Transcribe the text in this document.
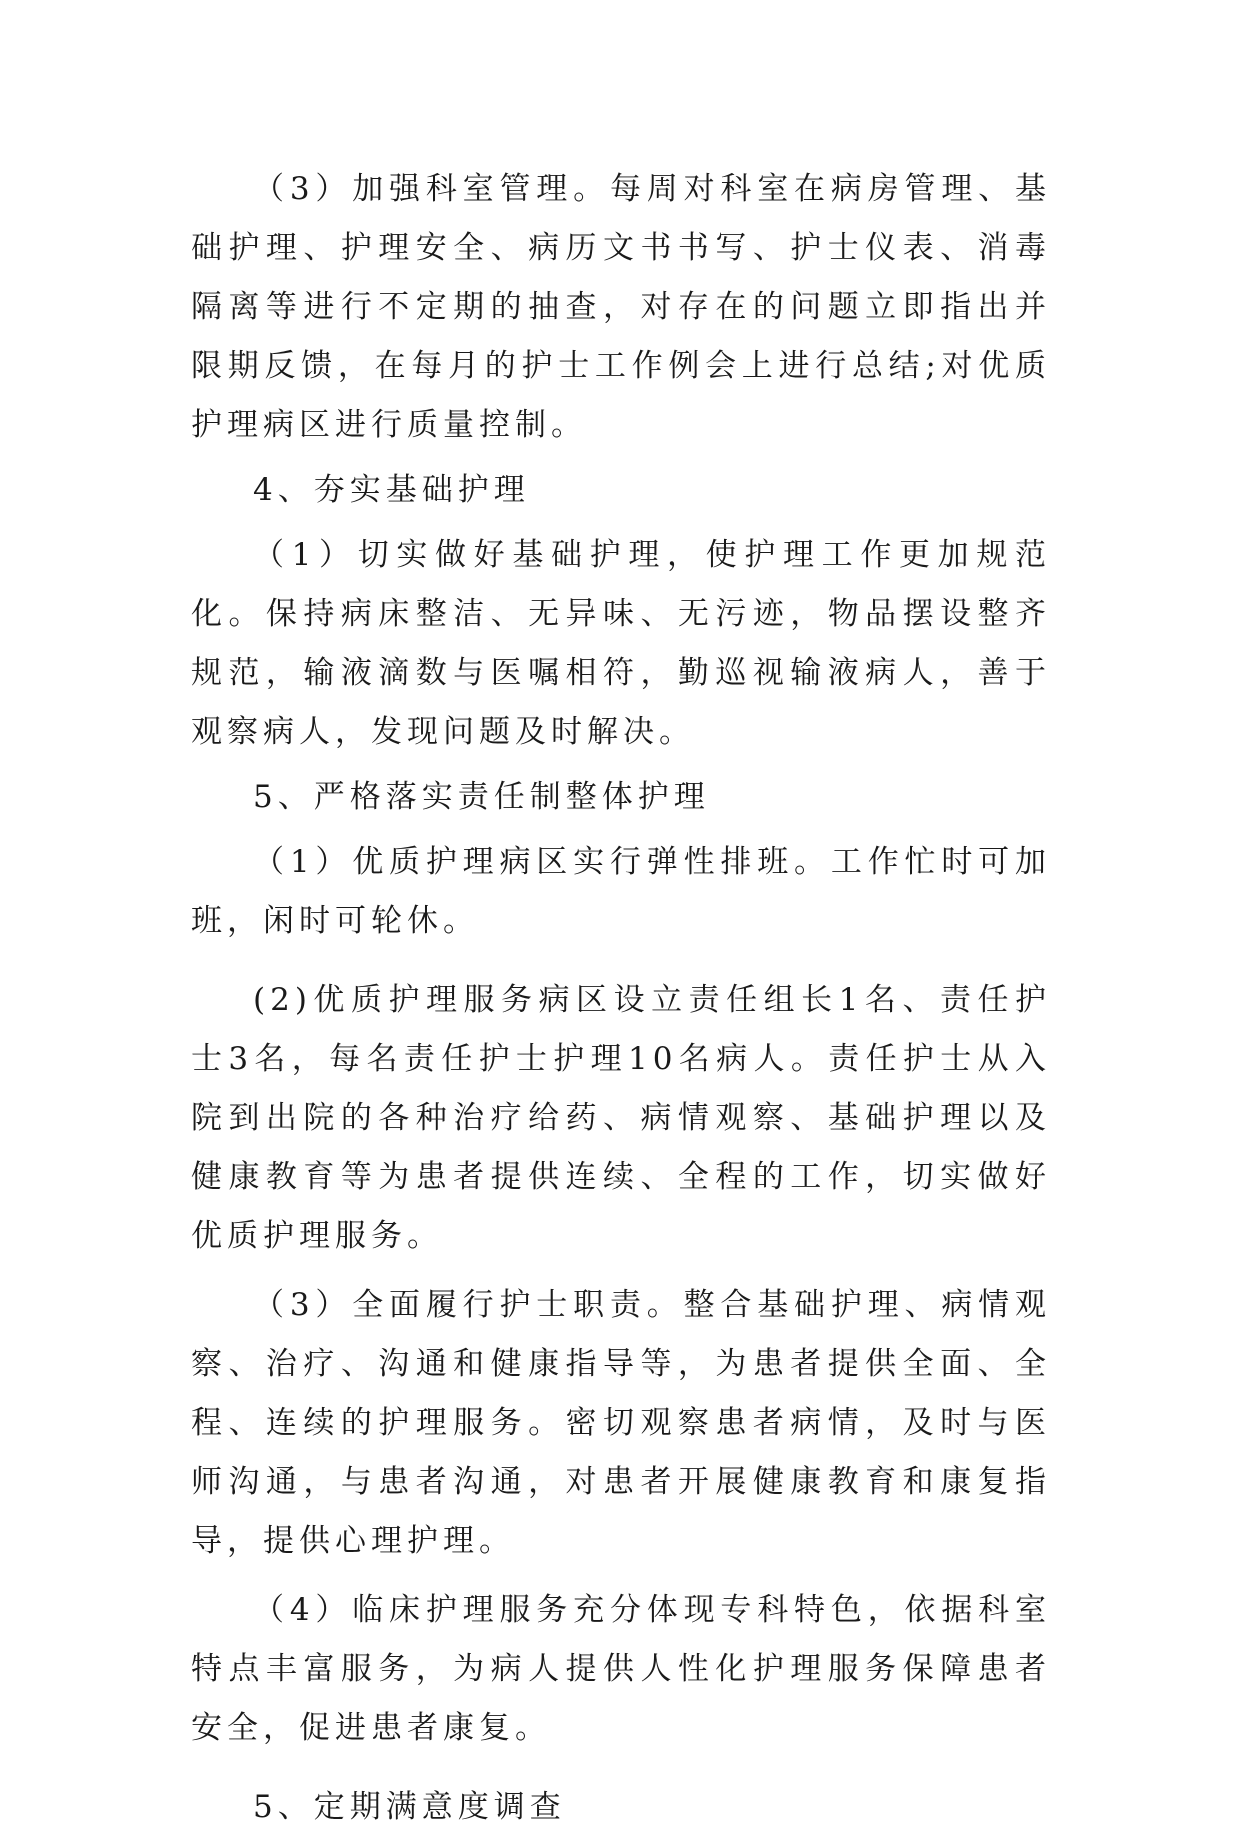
（3）加强科室管理。每周对科室在病房管理、基础护理、护理安全、病历文书书写、护士仪表、消毒隔离等进行不定期的抽查，对存在的问题立即指出并限期反馈，在每月的护士工作例会上进行总结;对优质护理病区进行质量控制。

4、夯实基础护理

（1）切实做好基础护理，使护理工作更加规范化。保持病床整洁、无异味、无污迹，物品摆设整齐规范，输液滴数与医嘱相符，勤巡视输液病人，善于观察病人，发现问题及时解决。

5、严格落实责任制整体护理

（1）优质护理病区实行弹性排班。工作忙时可加班，闲时可轮休。

(2)优质护理服务病区设立责任组长1名、责任护士3名，每名责任护士护理10名病人。责任护士从入院到出院的各种治疗给药、病情观察、基础护理以及健康教育等为患者提供连续、全程的工作，切实做好优质护理服务。

（3）全面履行护士职责。整合基础护理、病情观察、治疗、沟通和健康指导等，为患者提供全面、全程、连续的护理服务。密切观察患者病情，及时与医师沟通，与患者沟通，对患者开展健康教育和康复指导，提供心理护理。

（4）临床护理服务充分体现专科特色，依据科室特点丰富服务，为病人提供人性化护理服务保障患者安全，促进患者康复。

5、定期满意度调查
